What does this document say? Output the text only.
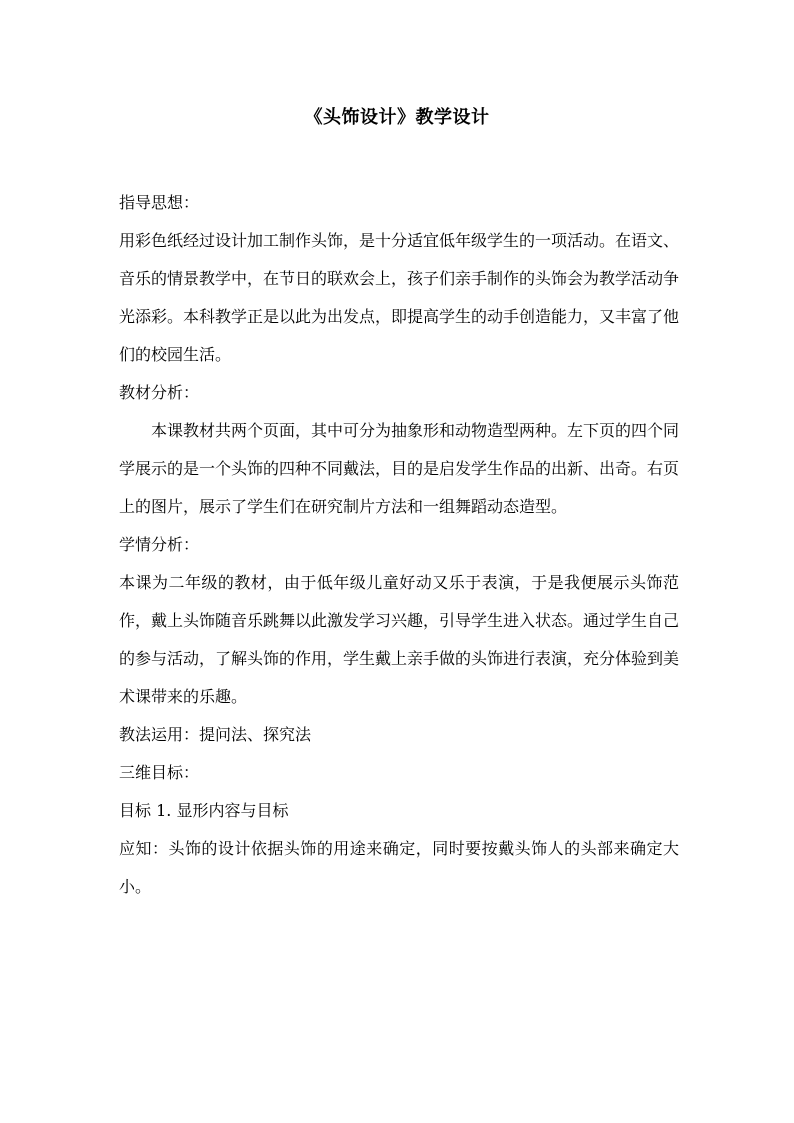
《头饰设计》教学设计

指导思想：

用彩色纸经过设计加工制作头饰，是十分适宜低年级学生的一项活动。在语文、音乐的情景教学中，在节日的联欢会上，孩子们亲手制作的头饰会为教学活动争光添彩。本科教学正是以此为出发点，即提高学生的动手创造能力，又丰富了他们的校园生活。

教材分析：

本课教材共两个页面，其中可分为抽象形和动物造型两种。左下页的四个同学展示的是一个头饰的四种不同戴法，目的是启发学生作品的出新、出奇。右页上的图片，展示了学生们在研究制片方法和一组舞蹈动态造型。

学情分析：

本课为二年级的教材，由于低年级儿童好动又乐于表演，于是我便展示头饰范作，戴上头饰随音乐跳舞以此激发学习兴趣，引导学生进入状态。通过学生自己的参与活动，了解头饰的作用，学生戴上亲手做的头饰进行表演，充分体验到美术课带来的乐趣。

教法运用：提问法、探究法

三维目标：

目标 1. 显形内容与目标

应知：头饰的设计依据头饰的用途来确定，同时要按戴头饰人的头部来确定大小。
